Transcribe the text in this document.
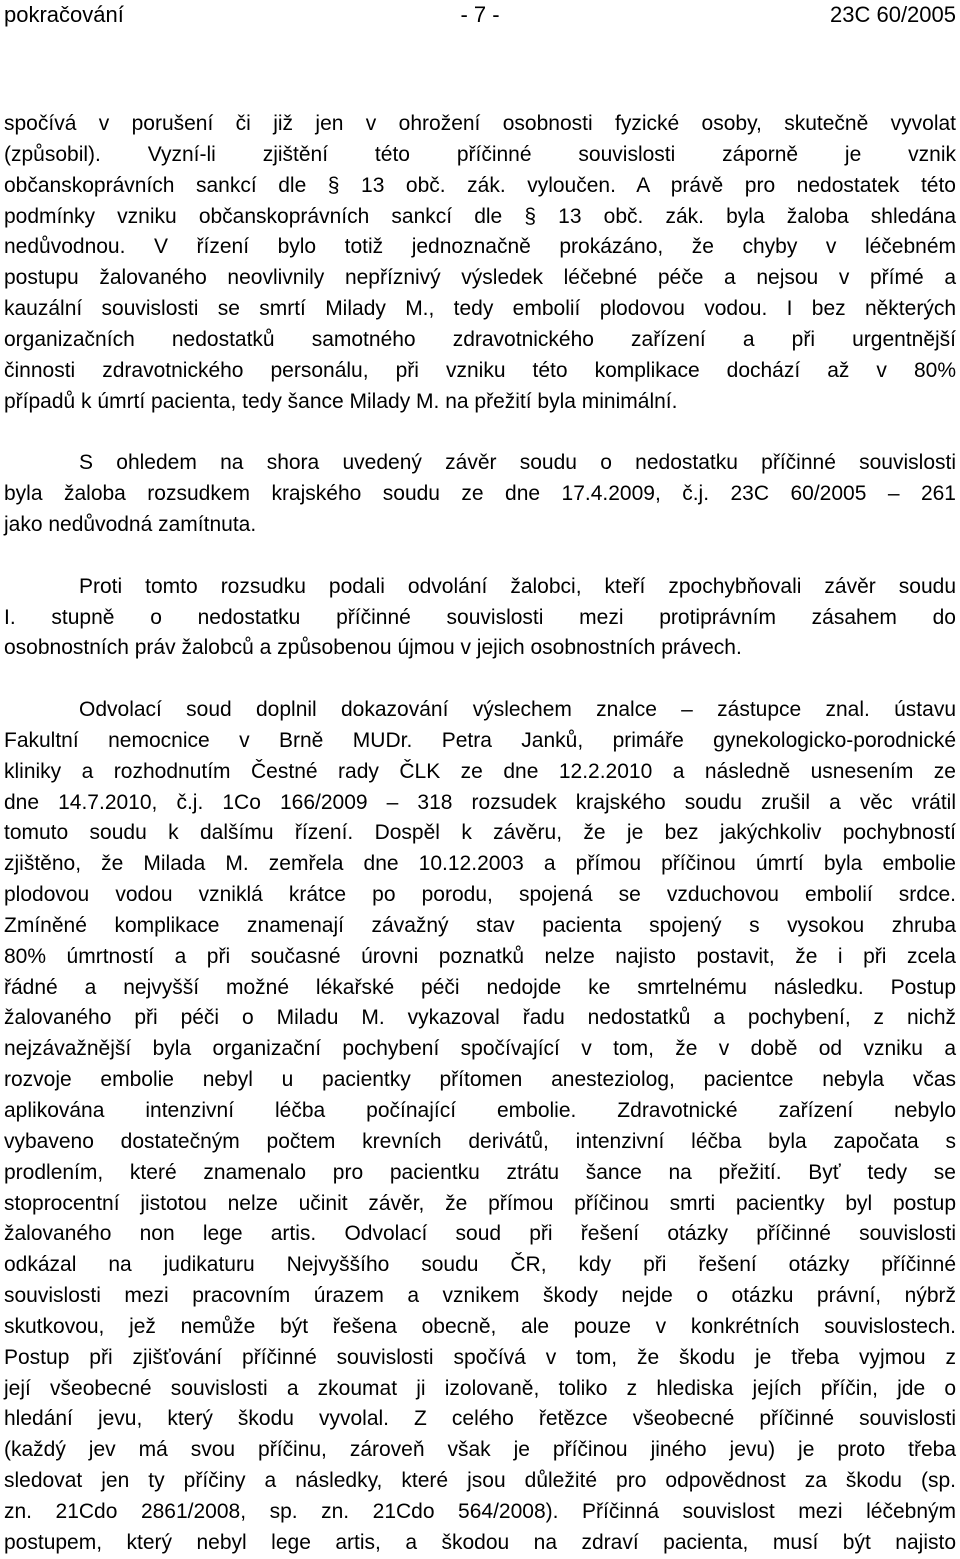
pokračování	- 7 -	23C 60/2005
spočívá v porušení či již jen v ohrožení osobnosti fyzické osoby, skutečně vyvolat
(způsobil). Vyzní-li zjištění této příčinné souvislosti záporně je vznik
občanskoprávních sankcí dle § 13 obč. zák. vyloučen. A právě pro nedostatek této
podmínky vzniku občanskoprávních sankcí dle § 13 obč. zák. byla žaloba shledána
nedůvodnou. V řízení bylo totiž jednoznačně prokázáno, že chyby v léčebném
postupu žalovaného neovlivnily nepříznivý výsledek léčebné péče a nejsou v přímé a
kauzální souvislosti se smrtí Milady M., tedy embolií plodovou vodou. I bez některých
organizačních nedostatků samotného zdravotnického zařízení a při urgentnější
činnosti zdravotnického personálu, při vzniku této komplikace dochází až v 80%
případů k úmrtí pacienta, tedy šance Milady M. na přežití byla minimální.
S ohledem na shora uvedený závěr soudu o nedostatku příčinné souvislosti
byla žaloba rozsudkem krajského soudu ze dne 17.4.2009, č.j. 23C 60/2005 – 261
jako nedůvodná zamítnuta.
Proti tomto rozsudku podali odvolání žalobci, kteří zpochybňovali závěr soudu
I. stupně o nedostatku příčinné souvislosti mezi protiprávním zásahem do
osobnostních práv žalobců a způsobenou újmou v jejich osobnostních právech.
Odvolací soud doplnil dokazování výslechem znalce – zástupce znal. ústavu
Fakultní nemocnice v Brně MUDr. Petra Janků, primáře gynekologicko-porodnické
kliniky a rozhodnutím Čestné rady ČLK ze dne 12.2.2010 a následně usnesením ze
dne 14.7.2010, č.j. 1Co 166/2009 – 318 rozsudek krajského soudu zrušil a věc vrátil
tomuto soudu k dalšímu řízení. Dospěl k závěru, že je bez jakýchkoliv pochybností
zjištěno, že Milada M. zemřela dne 10.12.2003 a přímou příčinou úmrtí byla embolie
plodovou vodou vzniklá krátce po porodu, spojená se vzduchovou embolií srdce.
Zmíněné komplikace znamenají závažný stav pacienta spojený s vysokou zhruba
80% úmrtností a při současné úrovni poznatků nelze najisto postavit, že i při zcela
řádné a nejvyšší možné lékařské péči nedojde ke smrtelnému následku. Postup
žalovaného při péči o Miladu M. vykazoval řadu nedostatků a pochybení, z nichž
nejzávažnější byla organizační pochybení spočívající v tom, že v době od vzniku a
rozvoje embolie nebyl u pacientky přítomen anesteziolog, pacientce nebyla včas
aplikována intenzivní léčba počínající embolie. Zdravotnické zařízení nebylo
vybaveno dostatečným počtem krevních derivátů, intenzivní léčba byla započata s
prodlením, které znamenalo pro pacientku ztrátu šance na přežití. Byť tedy se
stoprocentní jistotou nelze učinit závěr, že přímou příčinou smrti pacientky byl postup
žalovaného non lege artis. Odvolací soud při řešení otázky příčinné souvislosti
odkázal na judikaturu Nejvyššího soudu ČR, kdy při řešení otázky příčinné
souvislosti mezi pracovním úrazem a vznikem škody nejde o otázku právní, nýbrž
skutkovou, jež nemůže být řešena obecně, ale pouze v konkrétních souvislostech.
Postup při zjišťování příčinné souvislosti spočívá v tom, že škodu je třeba vyjmou z
její všeobecné souvislosti a zkoumat ji izolovaně, toliko z hlediska jejích příčin, jde o
hledání jevu, který škodu vyvolal. Z celého řetězce všeobecné příčinné souvislosti
(každý jev má svou příčinu, zároveň však je příčinou jiného jevu) je proto třeba
sledovat jen ty příčiny a následky, které jsou důležité pro odpovědnost za škodu (sp.
zn. 21Cdo 2861/2008, sp. zn. 21Cdo 564/2008). Příčinná souvislost mezi léčebným
postupem, který nebyl lege artis, a škodou na zdraví pacienta, musí být najisto
